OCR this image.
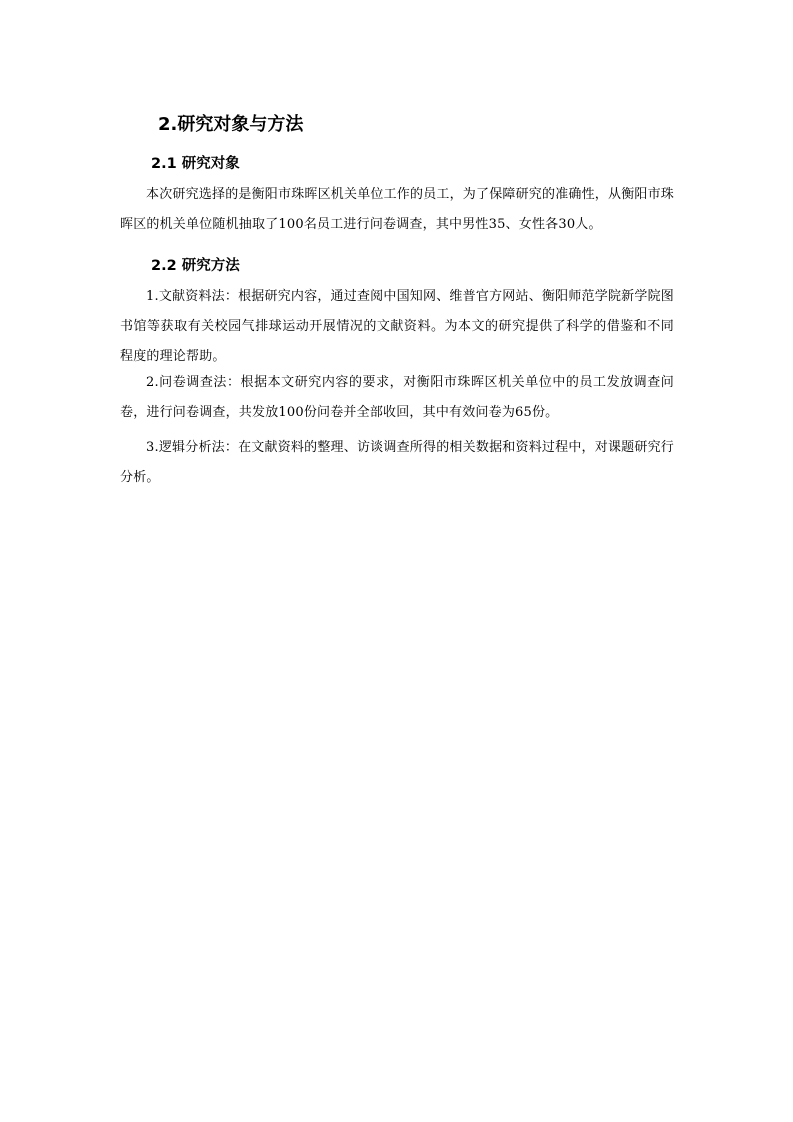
2.研究对象与方法
2.1 研究对象

本次研究选择的是衡阳市珠晖区机关单位工作的员工，为了保障研究的准确性，从衡阳市珠晖区的机关单位随机抽取了100名员工进行问卷调查，其中男性35、女性各30人。

2.2 研究方法

1.文献资料法：根据研究内容，通过查阅中国知网、维普官方网站、衡阳师范学院新学院图书馆等获取有关校园气排球运动开展情况的文献资料。为本文的研究提供了科学的借鉴和不同程度的理论帮助。

2.问卷调查法：根据本文研究内容的要求，对衡阳市珠晖区机关单位中的员工发放调查问卷，进行问卷调查，共发放100份问卷并全部收回，其中有效问卷为65份。

3.逻辑分析法：在文献资料的整理、访谈调查所得的相关数据和资料过程中，对课题研究行分析。
